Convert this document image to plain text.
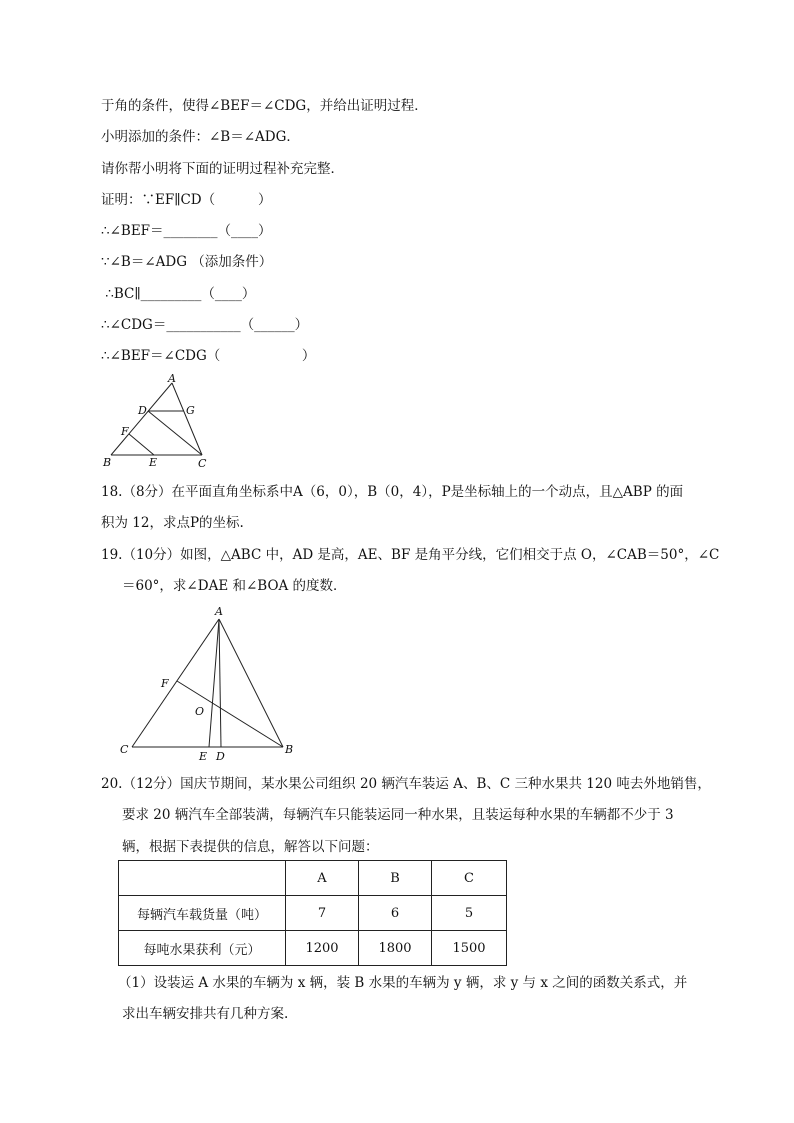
于角的条件，使得∠BEF＝∠CDG，并给出证明过程．
小明添加的条件：∠B＝∠ADG．
请你帮小明将下面的证明过程补充完整．
证明：∵EF∥CD（          ）
∴∠BEF＝________（____）
∵∠B＝∠ADG （添加条件）
∴BC∥_________（____）
∴∠CDG＝___________（______）
∴∠BEF＝∠CDG（                   ）
A
D	G
F
B	E	C
18.（8分）在平面直角坐标系中A（6，0），B（0，4），P是坐标轴上的一个动点，且△ABP 的面
积为 12，求点P的坐标.
19.（10分）如图，△ABC 中，AD 是高，AE、BF 是角平分线，它们相交于点 O，∠CAB＝50°，∠C
＝60°，求∠DAE 和∠BOA 的度数．
A
F
O
C
E D
B
20.（12分）国庆节期间，某水果公司组织 20 辆汽车装运 A、B、C 三种水果共 120 吨去外地销售，
要求 20 辆汽车全部装满，每辆汽车只能装运同一种水果，且装运每种水果的车辆都不少于 3
辆，根据下表提供的信息，解答以下问题：
	A	B	C
每辆汽车载货量（吨）	7	6	5
每吨水果获利（元）	1200	1800	1500
（1）设装运 A 水果的车辆为 x 辆，装 B 水果的车辆为 y 辆，求 y 与 x 之间的函数关系式，并
求出车辆安排共有几种方案.
